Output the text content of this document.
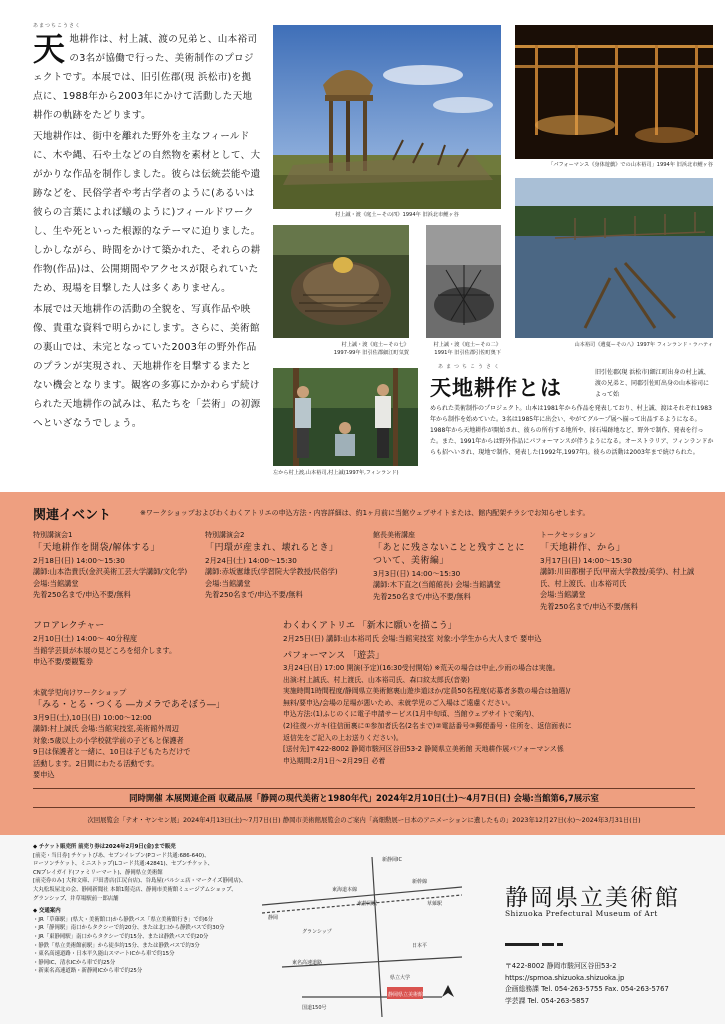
あまつちこうさく

天地耕作は、村上誠、渡の兄弟と、山本裕司の3名が協働で行った、美術制作のプロジェクトです。本展では、旧引佐郡(現 浜松市)を拠点に、1988年から2003年にかけて活動した天地耕作の軌跡をたどります。

天地耕作は、街中を離れた野外を主なフィールドに、木や縄、石や土などの自然物を素材として、大がかりな作品を制作しました。彼らは伝統芸能や遺跡などを、民俗学者や考古学者のように(あるいは彼らの言葉によれば蟻のように)フィールドワークし、生や死といった根源的なテーマに迫りました。しかしながら、時間をかけて築かれた、それらの耕作物(作品)は、公開期間やアクセスが限られていたため、現場を目撃した人は多くありません。

本展では天地耕作の活動の全貌を、写真作品や映像、貴重な資料で明らかにします。さらに、美術館の裏山では、未完となっていた2003年の野外作品のプランが実現され、天地耕作を目撃するまたとない機会となります。観客の多寡にかかわらず続けられた天地耕作の試みは、私たちを「芸術」の初源へといざなうでしょう。

村上誠・渡《庭土ーその四》1994年 旧浜北市鯉ヶ谷
「パフォーマンス《身体遊戯》での山本裕司」1994年 旧浜北市鯉ヶ谷
村上誠・渡《庭土ーその七》
1997-99年 旧引佐郡細江町気賀
村上誠・渡《庭土ーその二》
1991年 旧引佐郡引佐町奥下
山本裕司《遺蔓ーその八》1997年 フィンランド・ラハティ
左から村上渡,山本裕司,村上誠(1997年,フィンランド)
あまつちこうさく
天地耕作とは
旧引佐郡(現 浜松市)細江町出身の村上誠、渡の兄弟と、同郡引佐町出身の山本裕司によって始
められた美術制作のプロジェクト。山本は1981年から作品を発表しており、村上誠、渡はそれぞれ1983年から制作を始めていた。3名は1985年に出会い、やがてグループ展へ揃って出品するようになる。1988年から天地耕作が開始され、彼らの所有する地所や、採石場跡地など、野外で制作、発表を行った。また、1991年からは野外作品にパフォーマンスが伴うようになる。オーストラリア、フィンランドからも招へいされ、現地で制作、発表した(1992年,1997年)。彼らの活動は2003年まで続けられた。
関連イベント	※ワークショップおよびわくわくアトリエの申込方法・内容詳細は、約1ヶ月前に当館ウェブサイトまたは、館内配架チラシでお知らせします。
特別講演会1
「天地耕作を開袋/解体する」
2月18日(日) 14:00〜15:30
講師:山本浩貴氏(金沢美術工芸大学講師/文化学)
会場:当館講堂
先着250名まで/申込不要/無料
特別講演会2
「円環が産まれ、壊れるとき」
2月24日(土) 14:00〜15:30
講師:赤坂憲雄氏(学習院大学教授/民俗学)
会場:当館講堂
先着250名まで/申込不要/無料
館長美術講座
「あとに残さないことと残すことについて、美術編」
3月3日(日) 14:00〜15:30
講師:木下直之(当館館長) 会場:当館講堂
先着250名まで/申込不要/無料
トークセッション
「天地耕作、から」
3月17日(日) 14:00〜15:30
講師:川田都樹子氏(甲南大学教授/美学)、村上誠氏、村上渡氏、山本裕司氏
会場:当館講堂
先着250名まで/申込不要/無料
フロアレクチャー
2月10日(土) 14:00〜 40分程度
当館学芸員が本展の見どころを紹介します。
申込不要/要観覧券
わくわくアトリエ 「新木に願いを描こう」
2月25日(日) 講師:山本裕司氏 会場:当館実技室 対象:小学生から大人まで 要申込
未就学児向けワークショップ
「みる・とる・つくる ―カメラであそぼう―」
3月9日(土),10日(日) 10:00〜12:00
講師:村上誠氏 会場:当館実技室,美術館外周辺
対象:5歳以上の小学校就学前の子どもと保護者
9日は保護者と一緒に、10日は子どもたちだけで
活動します。2日間にわたる活動です。
要申込
パフォーマンス 「遊芸」
3月24日(日) 17:00 開演(予定)(16:30受付開始) ※荒天の場合は中止,少雨の場合は実施。
出演:村上誠氏、村上渡氏、山本裕司氏、森口紋太郎氏(音楽)
実施時間1時間程度/静岡県立美術館裏山遊歩道ほか/定員50名程度(応募者多数の場合は抽選)/
無料/要申込/会場の足場が悪いため、未就学児のご入場はご遠慮ください。
申込方法:(1)ふじのくに電子申請サービス(1月中旬頃、当館ウェブサイトで案内)、
(2)往復ハガキ(往信面裏に①参加者氏名(2名まで)②電話番号③郵便番号・住所を、返信面表に
返信先をご記入の上お送りください)。
[送付先]〒422-8002 静岡市駿河区谷田53-2 静岡県立美術館 天地耕作展パフォーマンス係
申込期間:2月1日〜2月29日 必着
同時開催 本展関連企画 収蔵品展「静岡の現代美術と1980年代」2024年2月10日(土)〜4月7日(日) 会場:当館第6,7展示室
次回展覧会「テオ・ヤンセン展」2024年4月13日(土)〜7月7日(日) 静岡市美術館展覧会のご案内「高畑勲展ー日本のアニメーションに遺したもの」2023年12月27日(水)〜2024年3月31日(日)
◆ チケット販売所 前売り券は2024年2月9日(金)まで販売
[前売・当日券] チケットぴあ、セブンイレブン(Pコード共通:686-640)、
ローソンチケット、ミニストップ(Lコード共通:42841)、セブンチケット、
CNプレイガイド(ファミリーマート)、静岡県立美術館
[前売券のみ] 大和文庫、戸田書店(江尻台店)、谷島屋(パルシェ店・マークイズ静岡店)、
大丸松坂屋北の会、静岡新聞社 本館1階売店、静岡市美術館ミュージアムショップ、
グランシップ、井草場駅前一郎店舗
◆ 交通案内
・JR「草薙駅」(県大・美術館口)から静鉄バス「県立美術館行き」で約6分
・JR「静岡駅」南口からタクシーで約20分、または北口から静鉄バスで約30分
・JR「東静岡駅」南口からタクシーで約15分、または静鉄バスで約20分
・静鉄「県立美術館前駅」から徒歩約15分、または静鉄バスで約3分
・東名高速道路・日本平久能山スマートICから車で約15分
・静岡IC、清水ICから車で約25分
・新東名高速道路・新静岡ICから車で約25分
静岡県立美術館
東海道本線
新幹線
草薙駅
東静岡駅
静岡
グランシップ
日本平
国道150号
県立大学
東名高速道路
新静岡IC
静岡県立美術館
Shizuoka Prefectural Museum of Art
〒422-8002 静岡市駿河区谷田53-2
https://spmoa.shizuoka.shizuoka.jp
企画総務課 Tel. 054-263-5755 Fax. 054-263-5767
学芸課 Tel. 054-263-5857
